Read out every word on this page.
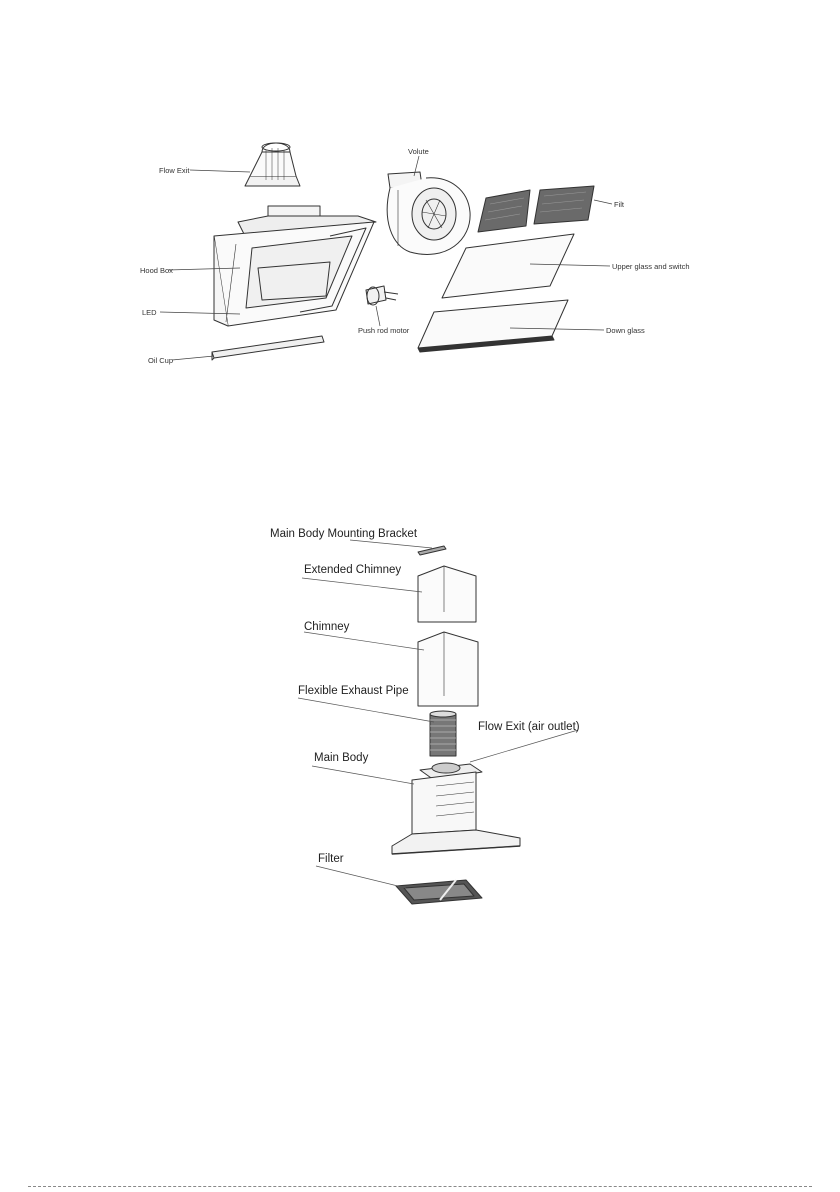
Flow Exit
Volute
Filt
Hood Box	Upper glass and switch
LED
Push rod motor	Down glass
Oil Cup
Main Body Mounting Bracket
Extended Chimney
Chimney
Flexible Exhaust Pipe
Flow Exit (air outlet)
Main Body
Filter
